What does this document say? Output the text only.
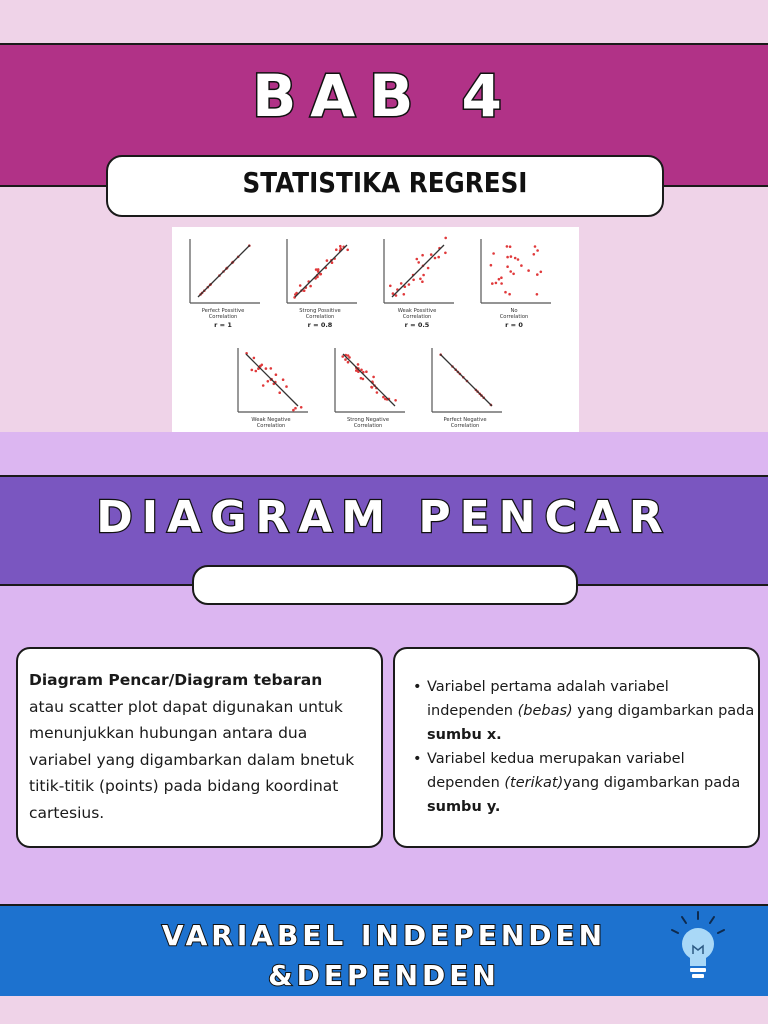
BAB 4
STATISTIKA REGRESI
Perfect Possitive
Correlation
r = 1
Strong Possitive
Correlation
r = 0.8
Weak Possitive
Correlation
r = 0.5
No
Correlation
r = 0
Weak Negative
Correlation
Strong Negative
Correlation
Perfect Negative
Correlation
DIAGRAM PENCAR
Diagram Pencar/Diagram tebaran
atau scatter plot dapat digunakan untuk menunjukkan hubungan antara dua variabel yang digambarkan dalam bnetuk titik-titik (points) pada bidang koordinat cartesius.
• Variabel pertama adalah variabel independen (bebas) yang digambarkan pada sumbu x.
• Variabel kedua merupakan variabel dependen (terikat)yang digambarkan pada sumbu y.
VARIABEL INDEPENDEN
&DEPENDEN
